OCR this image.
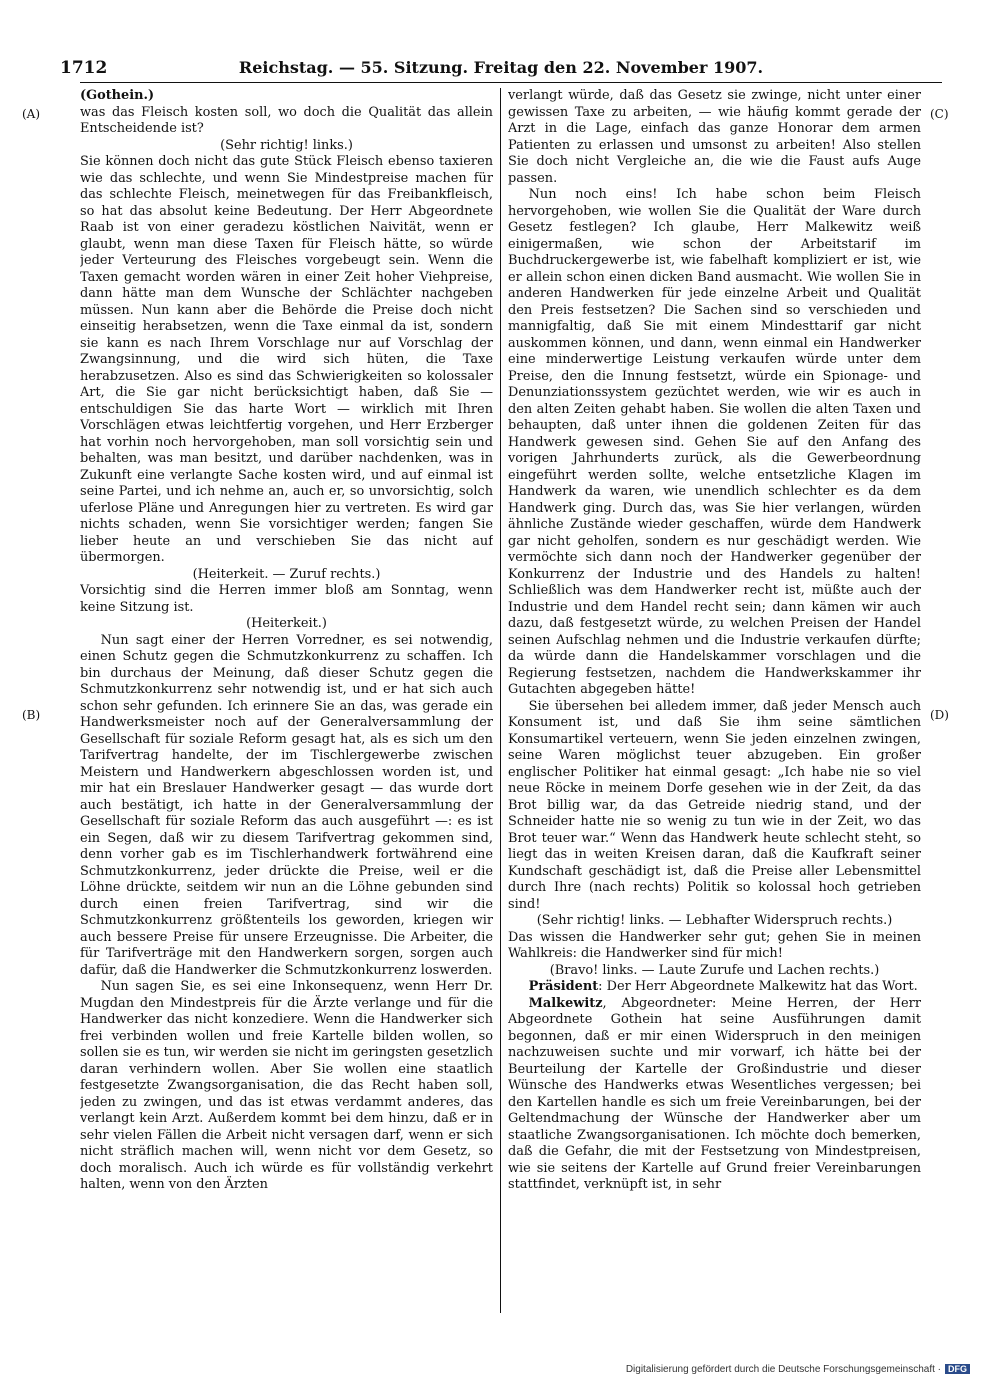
1712	Reichstag. — 55. Sitzung. Freitag den 22. November 1907.
(A)
(B)
(C)
(D)

(Gothein.)

was das Fleisch kosten soll, wo doch die Qualität das allein Entscheidende ist?

(Sehr richtig! links.)

Sie können doch nicht das gute Stück Fleisch ebenso taxieren wie das schlechte, und wenn Sie Mindestpreise machen für das schlechte Fleisch, meinetwegen für das Freibankfleisch, so hat das absolut keine Bedeutung. Der Herr Abgeordnete Raab ist von einer geradezu köstlichen Naivität, wenn er glaubt, wenn man diese Taxen für Fleisch hätte, so würde jeder Verteurung des Fleisches vorgebeugt sein. Wenn die Taxen gemacht worden wären in einer Zeit hoher Viehpreise, dann hätte man dem Wunsche der Schlächter nachgeben müssen. Nun kann aber die Behörde die Preise doch nicht einseitig herabsetzen, wenn die Taxe einmal da ist, sondern sie kann es nach Ihrem Vorschlage nur auf Vorschlag der Zwangsinnung, und die wird sich hüten, die Taxe herabzusetzen. Also es sind das Schwierigkeiten so kolossaler Art, die Sie gar nicht berücksichtigt haben, daß Sie — entschuldigen Sie das harte Wort — wirklich mit Ihren Vorschlägen etwas leichtfertig vorgehen, und Herr Erzberger hat vorhin noch hervorgehoben, man soll vorsichtig sein und behalten, was man besitzt, und darüber nachdenken, was in Zukunft eine verlangte Sache kosten wird, und auf einmal ist seine Partei, und ich nehme an, auch er, so unvorsichtig, solch uferlose Pläne und Anregungen hier zu vertreten. Es wird gar nichts schaden, wenn Sie vorsichtiger werden; fangen Sie lieber heute an und verschieben Sie das nicht auf übermorgen.

(Heiterkeit. — Zuruf rechts.)

Vorsichtig sind die Herren immer bloß am Sonntag, wenn keine Sitzung ist.

(Heiterkeit.)

Nun sagt einer der Herren Vorredner, es sei notwendig, einen Schutz gegen die Schmutzkonkurrenz zu schaffen. Ich bin durchaus der Meinung, daß dieser Schutz gegen die Schmutzkonkurrenz sehr notwendig ist, und er hat sich auch schon sehr gefunden. Ich erinnere Sie an das, was gerade ein Handwerksmeister noch auf der Generalversammlung der Gesellschaft für soziale Reform gesagt hat, als es sich um den Tarifvertrag handelte, der im Tischlergewerbe zwischen Meistern und Handwerkern abgeschlossen worden ist, und mir hat ein Breslauer Handwerker gesagt — das wurde dort auch bestätigt, ich hatte in der Generalversammlung der Gesellschaft für soziale Reform das auch ausgeführt —: es ist ein Segen, daß wir zu diesem Tarifvertrag gekommen sind, denn vorher gab es im Tischlerhandwerk fortwährend eine Schmutzkonkurrenz, jeder drückte die Preise, weil er die Löhne drückte, seitdem wir nun an die Löhne gebunden sind durch einen freien Tarifvertrag, sind wir die Schmutzkonkurrenz größtenteils los geworden, kriegen wir auch bessere Preise für unsere Erzeugnisse. Die Arbeiter, die für Tarifverträge mit den Handwerkern sorgen, sorgen auch dafür, daß die Handwerker die Schmutzkonkurrenz loswerden.

Nun sagen Sie, es sei eine Inkonsequenz, wenn Herr Dr. Mugdan den Mindestpreis für die Ärzte verlange und für die Handwerker das nicht konzediere. Wenn die Handwerker sich frei verbinden wollen und freie Kartelle bilden wollen, so sollen sie es tun, wir werden sie nicht im geringsten gesetzlich daran verhindern wollen. Aber Sie wollen eine staatlich festgesetzte Zwangsorganisation, die das Recht haben soll, jeden zu zwingen, und das ist etwas verdammt anderes, das verlangt kein Arzt. Außerdem kommt bei dem hinzu, daß er in sehr vielen Fällen die Arbeit nicht versagen darf, wenn er sich nicht sträflich machen will, wenn nicht vor dem Gesetz, so doch moralisch. Auch ich würde es für vollständig verkehrt halten, wenn von den Ärzten

verlangt würde, daß das Gesetz sie zwinge, nicht unter einer gewissen Taxe zu arbeiten, — wie häufig kommt gerade der Arzt in die Lage, einfach das ganze Honorar dem armen Patienten zu erlassen und umsonst zu arbeiten! Also stellen Sie doch nicht Vergleiche an, die wie die Faust aufs Auge passen.

Nun noch eins! Ich habe schon beim Fleisch hervorgehoben, wie wollen Sie die Qualität der Ware durch Gesetz festlegen? Ich glaube, Herr Malkewitz weiß einigermaßen, wie schon der Arbeitstarif im Buchdruckergewerbe ist, wie fabelhaft kompliziert er ist, wie er allein schon einen dicken Band ausmacht. Wie wollen Sie in anderen Handwerken für jede einzelne Arbeit und Qualität den Preis festsetzen? Die Sachen sind so verschieden und mannigfaltig, daß Sie mit einem Mindesttarif gar nicht auskommen können, und dann, wenn einmal ein Handwerker eine minderwertige Leistung verkaufen würde unter dem Preise, den die Innung festsetzt, würde ein Spionage- und Denunziationssystem gezüchtet werden, wie wir es auch in den alten Zeiten gehabt haben. Sie wollen die alten Taxen und behaupten, daß unter ihnen die goldenen Zeiten für das Handwerk gewesen sind. Gehen Sie auf den Anfang des vorigen Jahrhunderts zurück, als die Gewerbeordnung eingeführt werden sollte, welche entsetzliche Klagen im Handwerk da waren, wie unendlich schlechter es da dem Handwerk ging. Durch das, was Sie hier verlangen, würden ähnliche Zustände wieder geschaffen, würde dem Handwerk gar nicht geholfen, sondern es nur geschädigt werden. Wie vermöchte sich dann noch der Handwerker gegenüber der Konkurrenz der Industrie und des Handels zu halten! Schließlich was dem Handwerker recht ist, müßte auch der Industrie und dem Handel recht sein; dann kämen wir auch dazu, daß festgesetzt würde, zu welchen Preisen der Handel seinen Aufschlag nehmen und die Industrie verkaufen dürfte; da würde dann die Handelskammer vorschlagen und die Regierung festsetzen, nachdem die Handwerkskammer ihr Gutachten abgegeben hätte!

Sie übersehen bei alledem immer, daß jeder Mensch auch Konsument ist, und daß Sie ihm seine sämtlichen Konsumartikel verteuern, wenn Sie jeden einzelnen zwingen, seine Waren möglichst teuer abzugeben. Ein großer englischer Politiker hat einmal gesagt: „Ich habe nie so viel neue Röcke in meinem Dorfe gesehen wie in der Zeit, da das Brot billig war, da das Getreide niedrig stand, und der Schneider hatte nie so wenig zu tun wie in der Zeit, wo das Brot teuer war.“ Wenn das Handwerk heute schlecht steht, so liegt das in weiten Kreisen daran, daß die Kaufkraft seiner Kundschaft geschädigt ist, daß die Preise aller Lebensmittel durch Ihre (nach rechts) Politik so kolossal hoch getrieben sind!

(Sehr richtig! links. — Lebhafter Widerspruch rechts.)

Das wissen die Handwerker sehr gut; gehen Sie in meinen Wahlkreis: die Handwerker sind für mich!

(Bravo! links. — Laute Zurufe und Lachen rechts.)

Präsident: Der Herr Abgeordnete Malkewitz hat das Wort.

Malkewitz, Abgeordneter: Meine Herren, der Herr Abgeordnete Gothein hat seine Ausführungen damit begonnen, daß er mir einen Widerspruch in den meinigen nachzuweisen suchte und mir vorwarf, ich hätte bei der Beurteilung der Kartelle der Großindustrie und dieser Wünsche des Handwerks etwas Wesentliches vergessen; bei den Kartellen handle es sich um freie Vereinbarungen, bei der Geltendmachung der Wünsche der Handwerker aber um staatliche Zwangsorganisationen. Ich möchte doch bemerken, daß die Gefahr, die mit der Festsetzung von Mindestpreisen, wie sie seitens der Kartelle auf Grund freier Vereinbarungen stattfindet, verknüpft ist, in sehr

Digitalisierung gefördert durch die Deutsche Forschungsgemeinschaft · DFG
